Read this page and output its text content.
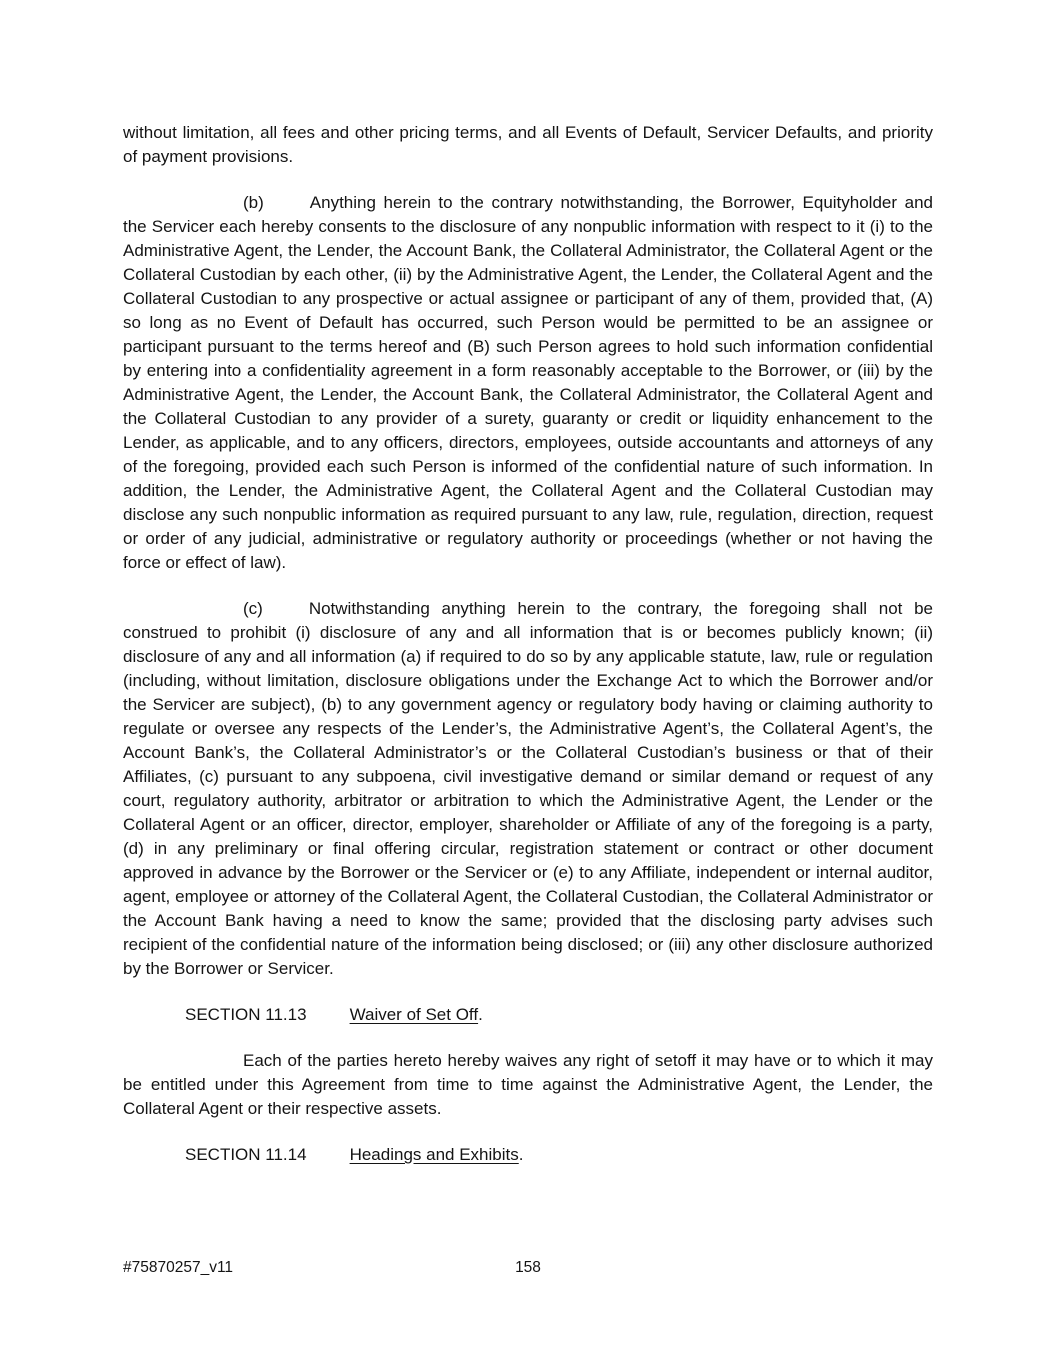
without limitation, all fees and other pricing terms, and all Events of Default, Servicer Defaults, and priority of payment provisions.

(b)	Anything herein to the contrary notwithstanding, the Borrower, Equityholder and the Servicer each hereby consents to the disclosure of any nonpublic information with respect to it (i) to the Administrative Agent, the Lender, the Account Bank, the Collateral Administrator, the Collateral Agent or the Collateral Custodian by each other, (ii) by the Administrative Agent, the Lender, the Collateral Agent and the Collateral Custodian to any prospective or actual assignee or participant of any of them, provided that, (A) so long as no Event of Default has occurred, such Person would be permitted to be an assignee or participant pursuant to the terms hereof and (B) such Person agrees to hold such information confidential by entering into a confidentiality agreement in a form reasonably acceptable to the Borrower, or (iii) by the Administrative Agent, the Lender, the Account Bank, the Collateral Administrator, the Collateral Agent and the Collateral Custodian to any provider of a surety, guaranty or credit or liquidity enhancement to the Lender, as applicable, and to any officers, directors, employees, outside accountants and attorneys of any of the foregoing, provided each such Person is informed of the confidential nature of such information. In addition, the Lender, the Administrative Agent, the Collateral Agent and the Collateral Custodian may disclose any such nonpublic information as required pursuant to any law, rule, regulation, direction, request or order of any judicial, administrative or regulatory authority or proceedings (whether or not having the force or effect of law).

(c)	Notwithstanding anything herein to the contrary, the foregoing shall not be construed to prohibit (i) disclosure of any and all information that is or becomes publicly known; (ii) disclosure of any and all information (a) if required to do so by any applicable statute, law, rule or regulation (including, without limitation, disclosure obligations under the Exchange Act to which the Borrower and/or the Servicer are subject), (b) to any government agency or regulatory body having or claiming authority to regulate or oversee any respects of the Lender’s, the Administrative Agent’s, the Collateral Agent’s, the Account Bank’s, the Collateral Administrator’s or the Collateral Custodian’s business or that of their Affiliates, (c) pursuant to any subpoena, civil investigative demand or similar demand or request of any court, regulatory authority, arbitrator or arbitration to which the Administrative Agent, the Lender or the Collateral Agent or an officer, director, employer, shareholder or Affiliate of any of the foregoing is a party, (d) in any preliminary or final offering circular, registration statement or contract or other document approved in advance by the Borrower or the Servicer or (e) to any Affiliate, independent or internal auditor, agent, employee or attorney of the Collateral Agent, the Collateral Custodian, the Collateral Administrator or the Account Bank having a need to know the same; provided that the disclosing party advises such recipient of the confidential nature of the information being disclosed; or (iii) any other disclosure authorized by the Borrower or Servicer.

SECTION 11.13	Waiver of Set Off.

Each of the parties hereto hereby waives any right of setoff it may have or to which it may be entitled under this Agreement from time to time against the Administrative Agent, the Lender, the Collateral Agent or their respective assets.

SECTION 11.14	Headings and Exhibits.

#75870257_v11	158
